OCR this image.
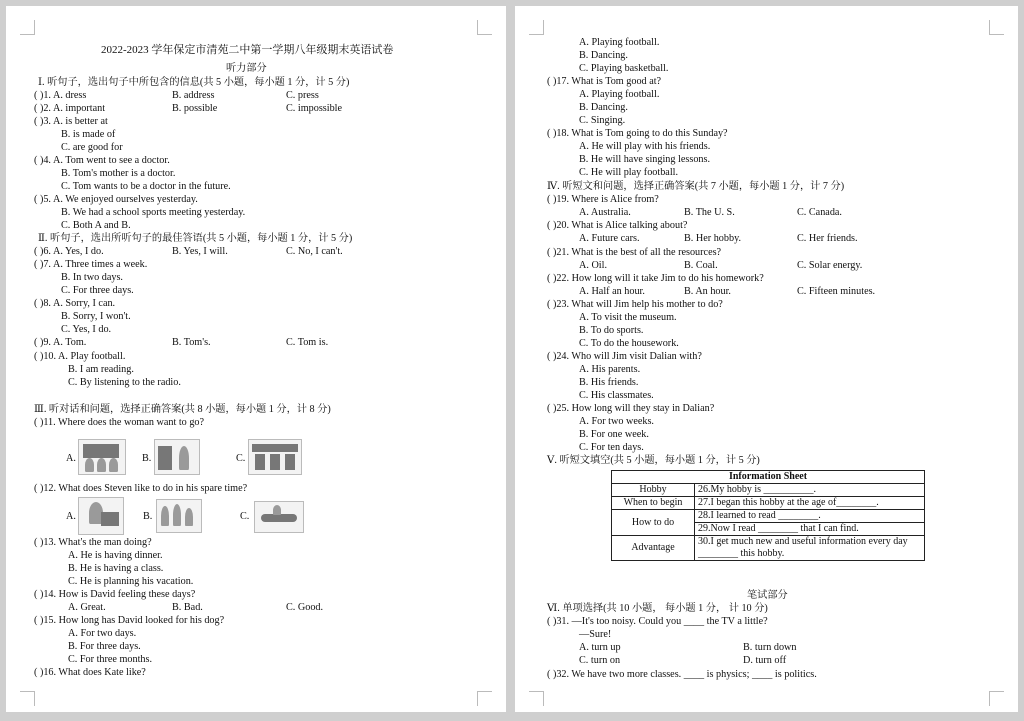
2022-2023 学年保定市清苑二中第一学期八年级期末英语试卷
听力部分
Ⅰ. 听句子，选出句子中所包含的信息(共 5 小题，每小题 1 分，计 5 分)
( )1. A. dress	B. address	C. press
( )2. A. important	B. possible	C. impossible
( )3. A. is better at
B. is made of
C. are good for
( )4. A. Tom went to see a doctor.
B. Tom's mother is a doctor.
C. Tom wants to be a doctor in the future.
( )5. A. We enjoyed ourselves yesterday.
B. We had a school sports meeting yesterday.
C. Both A and B.
Ⅱ. 听句子，选出所听句子的最佳答语(共 5 小题，每小题 1 分，计 5 分)
( )6. A. Yes, I do.	B. Yes, I will.	C. No, I can't.
( )7. A. Three times a week.
B. In two days.
C. For three days.
( )8. A. Sorry, I can.
B. Sorry, I won't.
C. Yes, I do.
( )9. A. Tom.	B. Tom's.	C. Tom is.
( )10. A. Play football.
B. I am reading.
C. By listening to the radio.
Ⅲ. 听对话和问题，选择正确答案(共 8 小题，每小题 1 分，计 8 分)
( )11. Where does the woman want to go?
A.	B.	C.
( )12. What does Steven like to do in his spare time?
A.	B.	C.
( )13. What's the man doing?
A. He is having dinner.
B. He is having a class.
C. He is planning his vacation.
( )14. How is David feeling these days?
A. Great.	B. Bad.	C. Good.
( )15. How long has David looked for his dog?
A. For two days.
B. For three days.
C. For three months.
( )16. What does Kate like?
A. Playing football.
B. Dancing.
C. Playing basketball.
( )17. What is Tom good at?
A. Playing football.
B. Dancing.
C. Singing.
( )18. What is Tom going to do this Sunday?
A. He will play with his friends.
B. He will have singing lessons.
C. He will play football.
Ⅳ. 听短文和问题，选择正确答案(共 7 小题，每小题 1 分，计 7 分)
( )19. Where is Alice from?
A. Australia.	B. The U. S.	C. Canada.
( )20. What is Alice talking about?
A. Future cars.	B. Her hobby.	C. Her friends.
( )21. What is the best of all the resources?
A. Oil.	B. Coal.	C. Solar energy.
( )22. How long will it take Jim to do his homework?
A. Half an hour.	B. An hour.	C. Fifteen minutes.
( )23. What will Jim help his mother to do?
A. To visit the museum.
B. To do sports.
C. To do the housework.
( )24. Who will Jim visit Dalian with?
A. His parents.
B. His friends.
C. His classmates.
( )25. How long will they stay in Dalian?
A. For two weeks.
B. For one week.
C. For ten days.
Ⅴ. 听短文填空(共 5 小题，每小题 1 分，计 5 分)
Information Sheet	
Hobby	26.My hobby is __________.
When to begin	27.I began this hobby at the age of________.
How to do	28.I learned to read ________.
	29.Now I read ________ that I can find.
Advantage	30.I get much new and useful information every day
________ this hobby.
笔试部分
Ⅵ. 单项选择(共 10 小题， 每小题 1 分， 计 10 分)
( )31. —It's too noisy. Could you ____ the TV a little?
—Sure!
A. turn up	B. turn down
C. turn on	D. turn off
( )32. We have two more classes. ____ is physics; ____ is politics.
